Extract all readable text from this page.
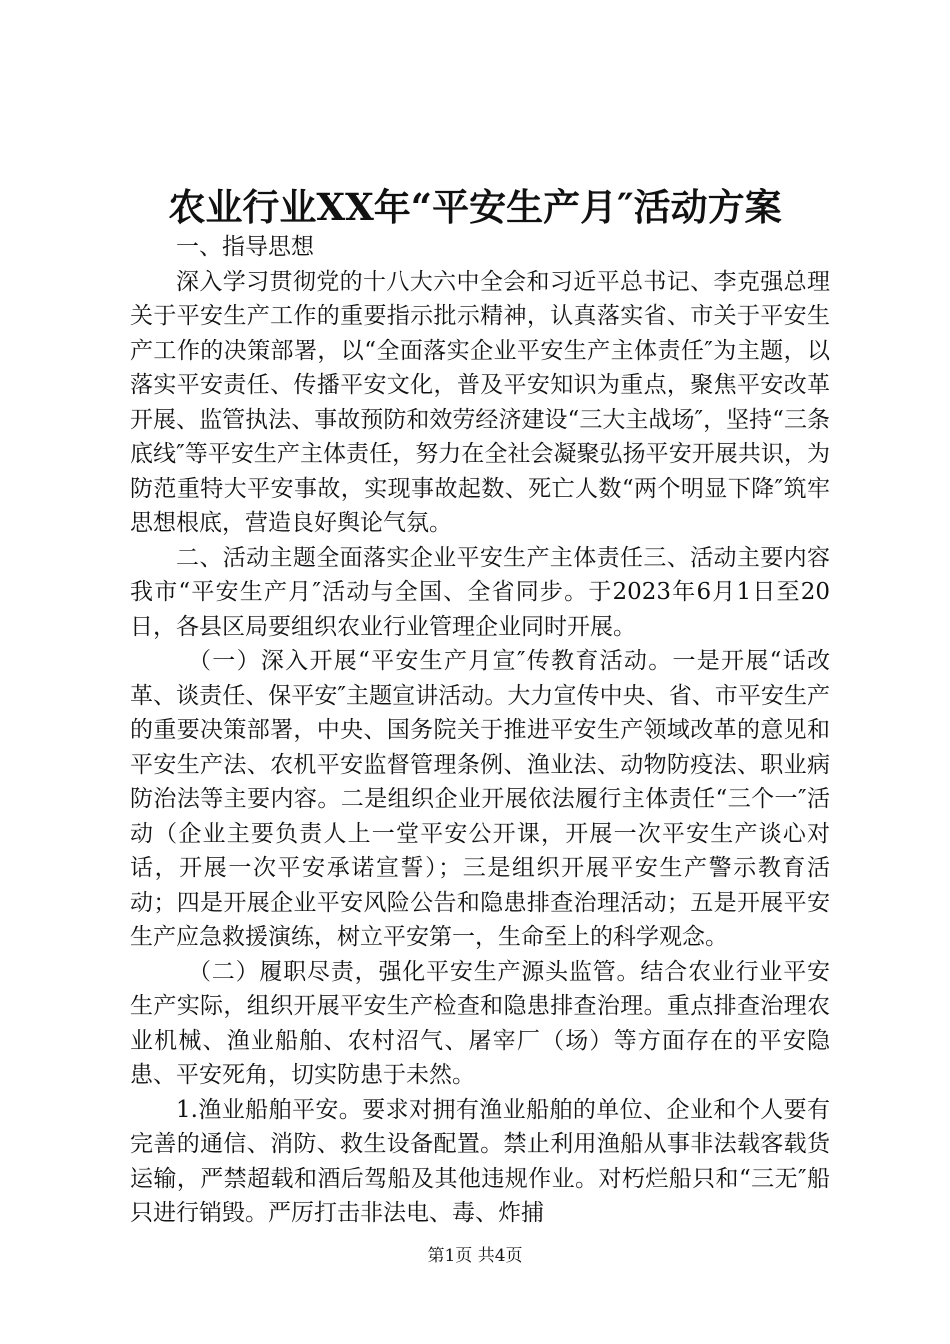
农业行业XX年“平安生产月″活动方案

一、指导思想

深入学习贯彻党的十八大六中全会和习近平总书记、李克强总理关于平安生产工作的重要指示批示精神，认真落实省、市关于平安生产工作的决策部署，以“全面落实企业平安生产主体责任″为主题，以落实平安责任、传播平安文化，普及平安知识为重点，聚焦平安改革开展、监管执法、事故预防和效劳经济建设“三大主战场″，坚持“三条底线″等平安生产主体责任，努力在全社会凝聚弘扬平安开展共识，为防范重特大平安事故，实现事故起数、死亡人数“两个明显下降″筑牢思想根底，营造良好舆论气氛。

二、活动主题全面落实企业平安生产主体责任三、活动主要内容我市“平安生产月″活动与全国、全省同步。于2023年6月1日至20日，各县区局要组织农业行业管理企业同时开展。

（一）深入开展“平安生产月宣″传教育活动。一是开展“话改革、谈责任、保平安″主题宣讲活动。大力宣传中央、省、市平安生产的重要决策部署，中央、国务院关于推进平安生产领域改革的意见和平安生产法、农机平安监督管理条例、渔业法、动物防疫法、职业病防治法等主要内容。二是组织企业开展依法履行主体责任“三个一″活动（企业主要负责人上一堂平安公开课，开展一次平安生产谈心对话，开展一次平安承诺宣誓）；三是组织开展平安生产警示教育活动；四是开展企业平安风险公告和隐患排查治理活动；五是开展平安生产应急救援演练，树立平安第一，生命至上的科学观念。

（二）履职尽责，强化平安生产源头监管。结合农业行业平安生产实际，组织开展平安生产检查和隐患排查治理。重点排查治理农业机械、渔业船舶、农村沼气、屠宰厂（场）等方面存在的平安隐患、平安死角，切实防患于未然。

1.渔业船舶平安。要求对拥有渔业船舶的单位、企业和个人要有完善的通信、消防、救生设备配置。禁止利用渔船从事非法载客载货运输，严禁超载和酒后驾船及其他违规作业。对朽烂船只和“三无″船只进行销毁。严厉打击非法电、毒、炸捕

第1页 共4页
